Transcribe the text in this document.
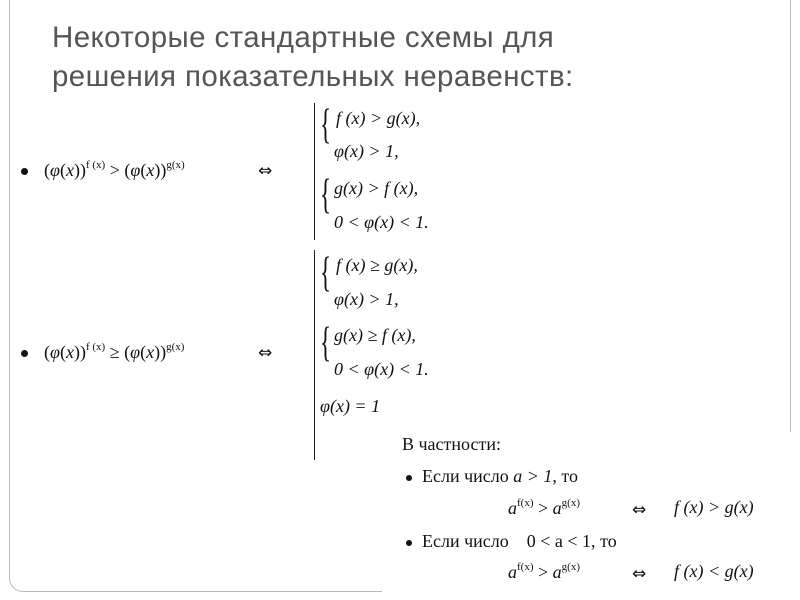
Некоторые стандартные схемы для
решения показательных неравенств:
$(\varphi(x))^{f (x)} > (\varphi(x))^{g(x)}$	⇔
{ f (x) > g(x),
φ(x) > 1,
{ g(x) > f (x),
0 < φ(x) < 1.
$(\varphi(x))^{f (x)} \ge (\varphi(x))^{g(x)}$	⇔
{ f (x) ≥ g(x),
φ(x) > 1,
{ g(x) ≥ f (x),
0 < φ(x) < 1.
φ(x) = 1
В частности:
Если число a > 1, то
$a^{f(x)} > a^{g(x)}$	⇔ f (x) > g(x)
Если число 0 < a < 1, то
$a^{f(x)} > a^{g(x)}$	⇔ f (x) < g(x)
